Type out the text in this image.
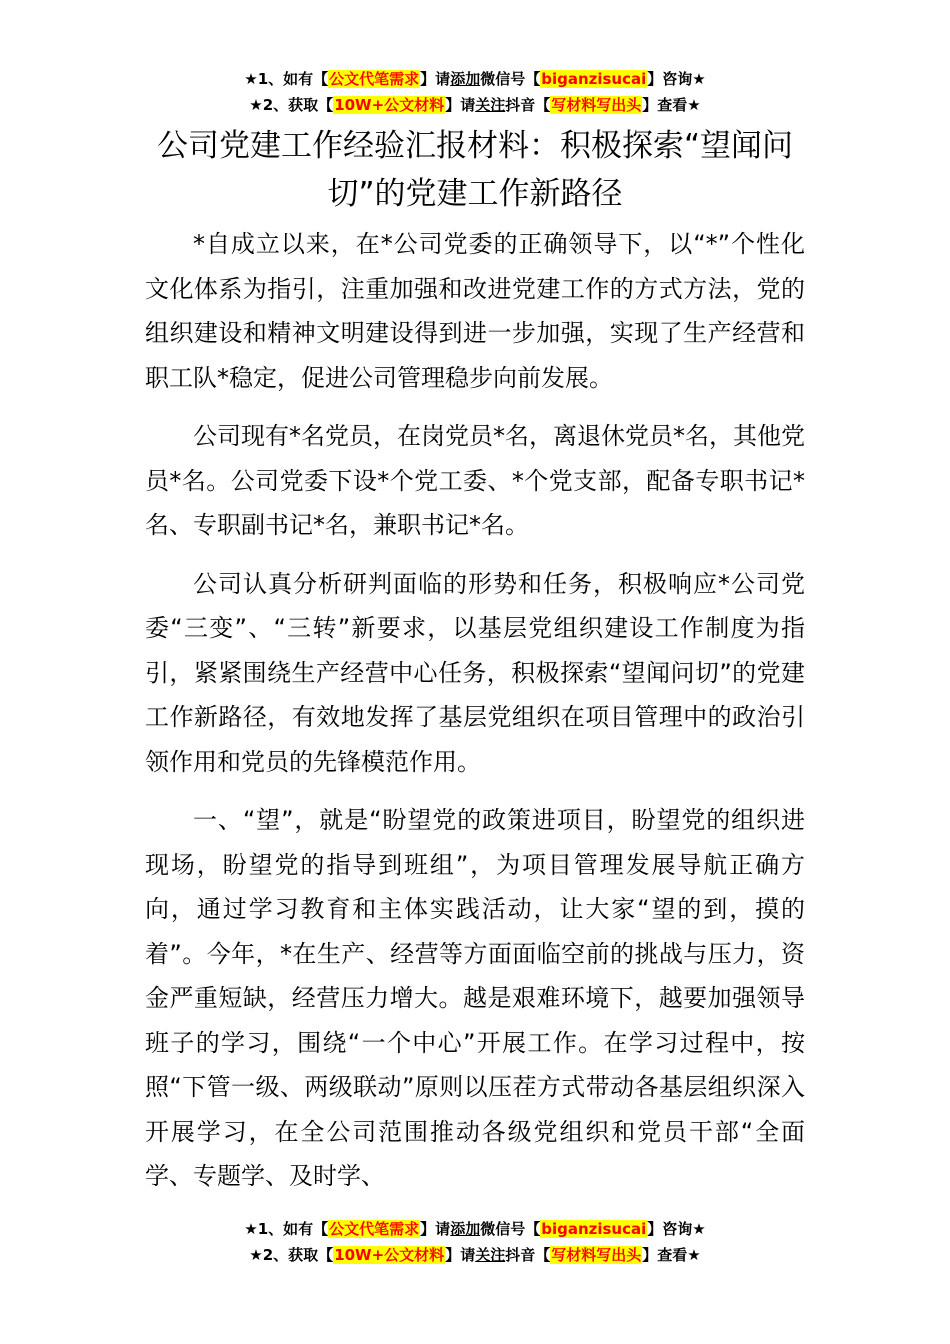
★1、如有【公文代笔需求】请添加微信号【biganzisucai】咨询★
★2、获取【10W+公文材料】请关注抖音【写材料写出头】查看★
公司党建工作经验汇报材料：积极探索“望闻问切”的党建工作新路径

*自成立以来，在*公司党委的正确领导下，以“*”个性化文化体系为指引，注重加强和改进党建工作的方式方法，党的组织建设和精神文明建设得到进一步加强，实现了生产经营和职工队*稳定，促进公司管理稳步向前发展。

公司现有*名党员，在岗党员*名，离退休党员*名，其他党员*名。公司党委下设*个党工委、*个党支部，配备专职书记*名、专职副书记*名，兼职书记*名。

公司认真分析研判面临的形势和任务，积极响应*公司党委“三变”、“三转”新要求，以基层党组织建设工作制度为指引，紧紧围绕生产经营中心任务，积极探索“望闻问切”的党建工作新路径，有效地发挥了基层党组织在项目管理中的政治引领作用和党员的先锋模范作用。

一、“望”，就是“盼望党的政策进项目，盼望党的组织进现场，盼望党的指导到班组”，为项目管理发展导航正确方向，通过学习教育和主体实践活动，让大家“望的到，摸的着”。今年，*在生产、经营等方面面临空前的挑战与压力，资金严重短缺，经营压力增大。越是艰难环境下，越要加强领导班子的学习，围绕“一个中心”开展工作。在学习过程中，按照“下管一级、两级联动”原则以压茬方式带动各基层组织深入开展学习，在全公司范围推动各级党组织和党员干部“全面学、专题学、及时学、

★1、如有【公文代笔需求】请添加微信号【biganzisucai】咨询★
★2、获取【10W+公文材料】请关注抖音【写材料写出头】查看★
